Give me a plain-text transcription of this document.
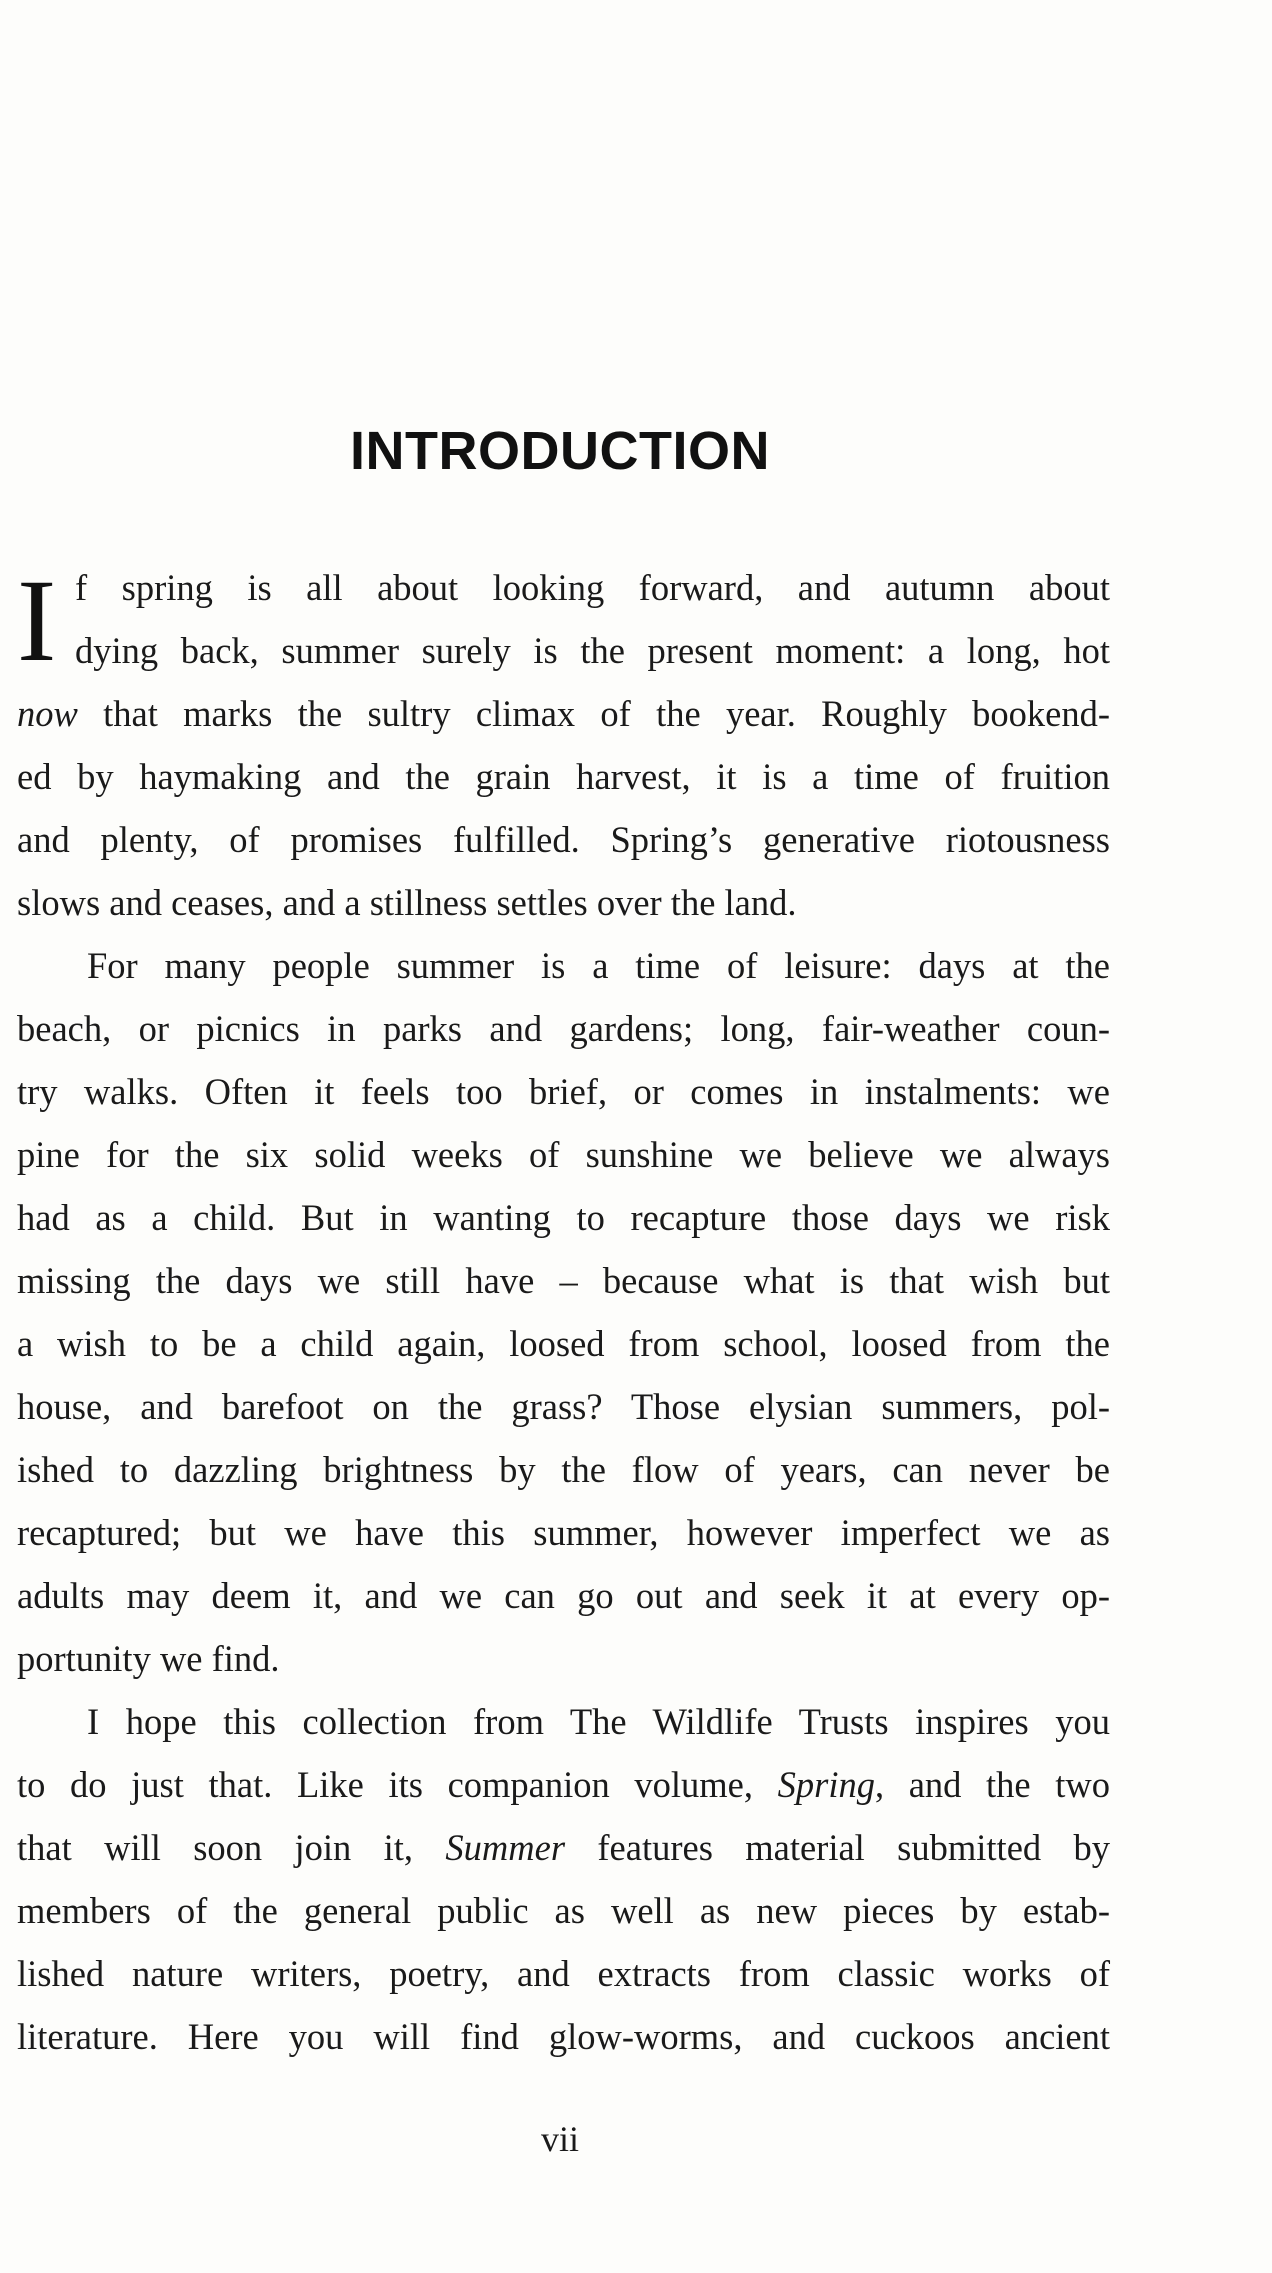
INTRODUCTION
I f spring is all about looking forward, and autumn about
dying back, summer surely is the present moment: a long, hot
now that marks the sultry climax of the year. Roughly bookend-
ed by haymaking and the grain harvest, it is a time of fruition
and plenty, of promises fulfilled. Spring’s generative riotousness
slows and ceases, and a stillness settles over the land.
For many people summer is a time of leisure: days at the
beach, or picnics in parks and gardens; long, fair-weather coun-
try walks. Often it feels too brief, or comes in instalments: we
pine for the six solid weeks of sunshine we believe we always
had as a child. But in wanting to recapture those days we risk
missing the days we still have – because what is that wish but
a wish to be a child again, loosed from school, loosed from the
house, and barefoot on the grass? Those elysian summers, pol-
ished to dazzling brightness by the flow of years, can never be
recaptured; but we have this summer, however imperfect we as
adults may deem it, and we can go out and seek it at every op-
portunity we find.
I hope this collection from The Wildlife Trusts inspires you
to do just that. Like its companion volume, Spring, and the two
that will soon join it, Summer features material submitted by
members of the general public as well as new pieces by estab-
lished nature writers, poetry, and extracts from classic works of
literature. Here you will find glow-worms, and cuckoos ancient
vii
